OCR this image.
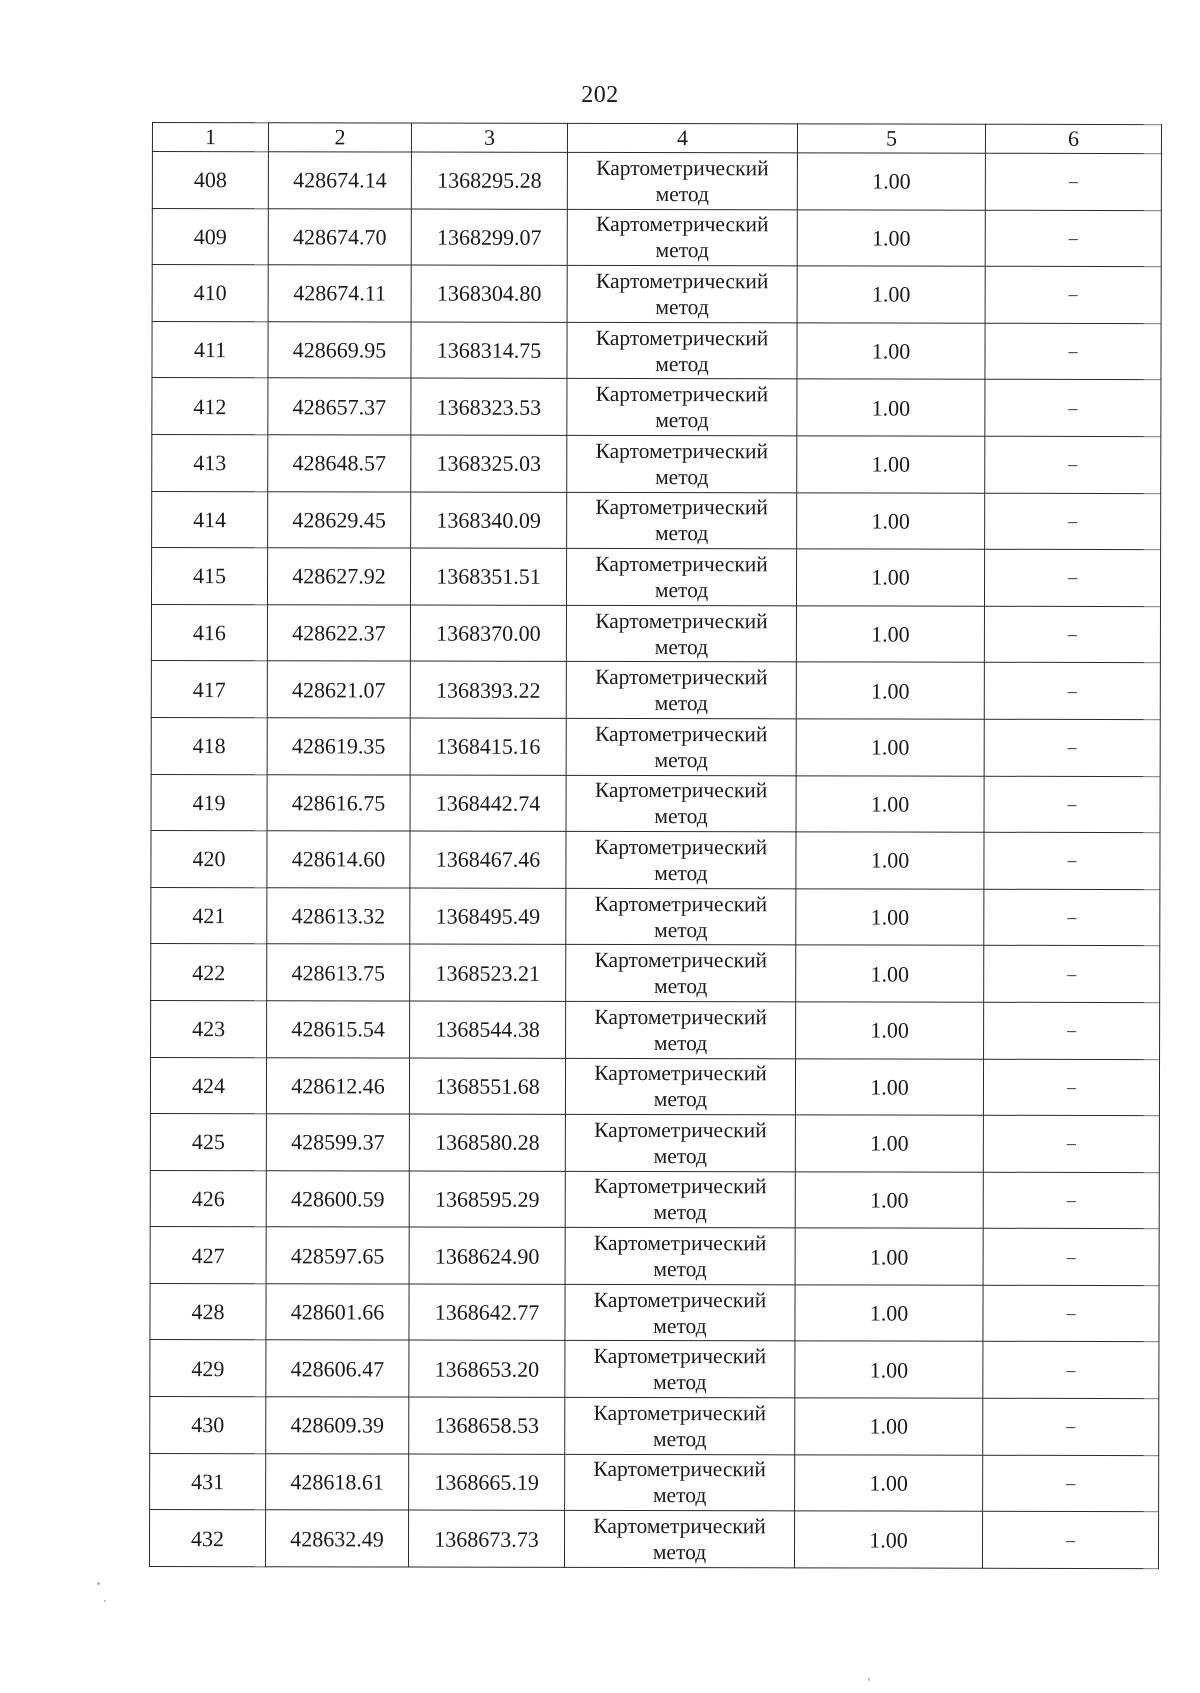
202
1	2	3	4	5	6
408	428674.14	1368295.28	Картометрический метод	1.00	–
409	428674.70	1368299.07	Картометрический метод	1.00	–
410	428674.11	1368304.80	Картометрический метод	1.00	–
411	428669.95	1368314.75	Картометрический метод	1.00	–
412	428657.37	1368323.53	Картометрический метод	1.00	–
413	428648.57	1368325.03	Картометрический метод	1.00	–
414	428629.45	1368340.09	Картометрический метод	1.00	–
415	428627.92	1368351.51	Картометрический метод	1.00	–
416	428622.37	1368370.00	Картометрический метод	1.00	–
417	428621.07	1368393.22	Картометрический метод	1.00	–
418	428619.35	1368415.16	Картометрический метод	1.00	–
419	428616.75	1368442.74	Картометрический метод	1.00	–
420	428614.60	1368467.46	Картометрический метод	1.00	–
421	428613.32	1368495.49	Картометрический метод	1.00	–
422	428613.75	1368523.21	Картометрический метод	1.00	–
423	428615.54	1368544.38	Картометрический метод	1.00	–
424	428612.46	1368551.68	Картометрический метод	1.00	–
425	428599.37	1368580.28	Картометрический метод	1.00	–
426	428600.59	1368595.29	Картометрический метод	1.00	–
427	428597.65	1368624.90	Картометрический метод	1.00	–
428	428601.66	1368642.77	Картометрический метод	1.00	–
429	428606.47	1368653.20	Картометрический метод	1.00	–
430	428609.39	1368658.53	Картометрический метод	1.00	–
431	428618.61	1368665.19	Картометрический метод	1.00	–
432	428632.49	1368673.73	Картометрический метод	1.00	–
